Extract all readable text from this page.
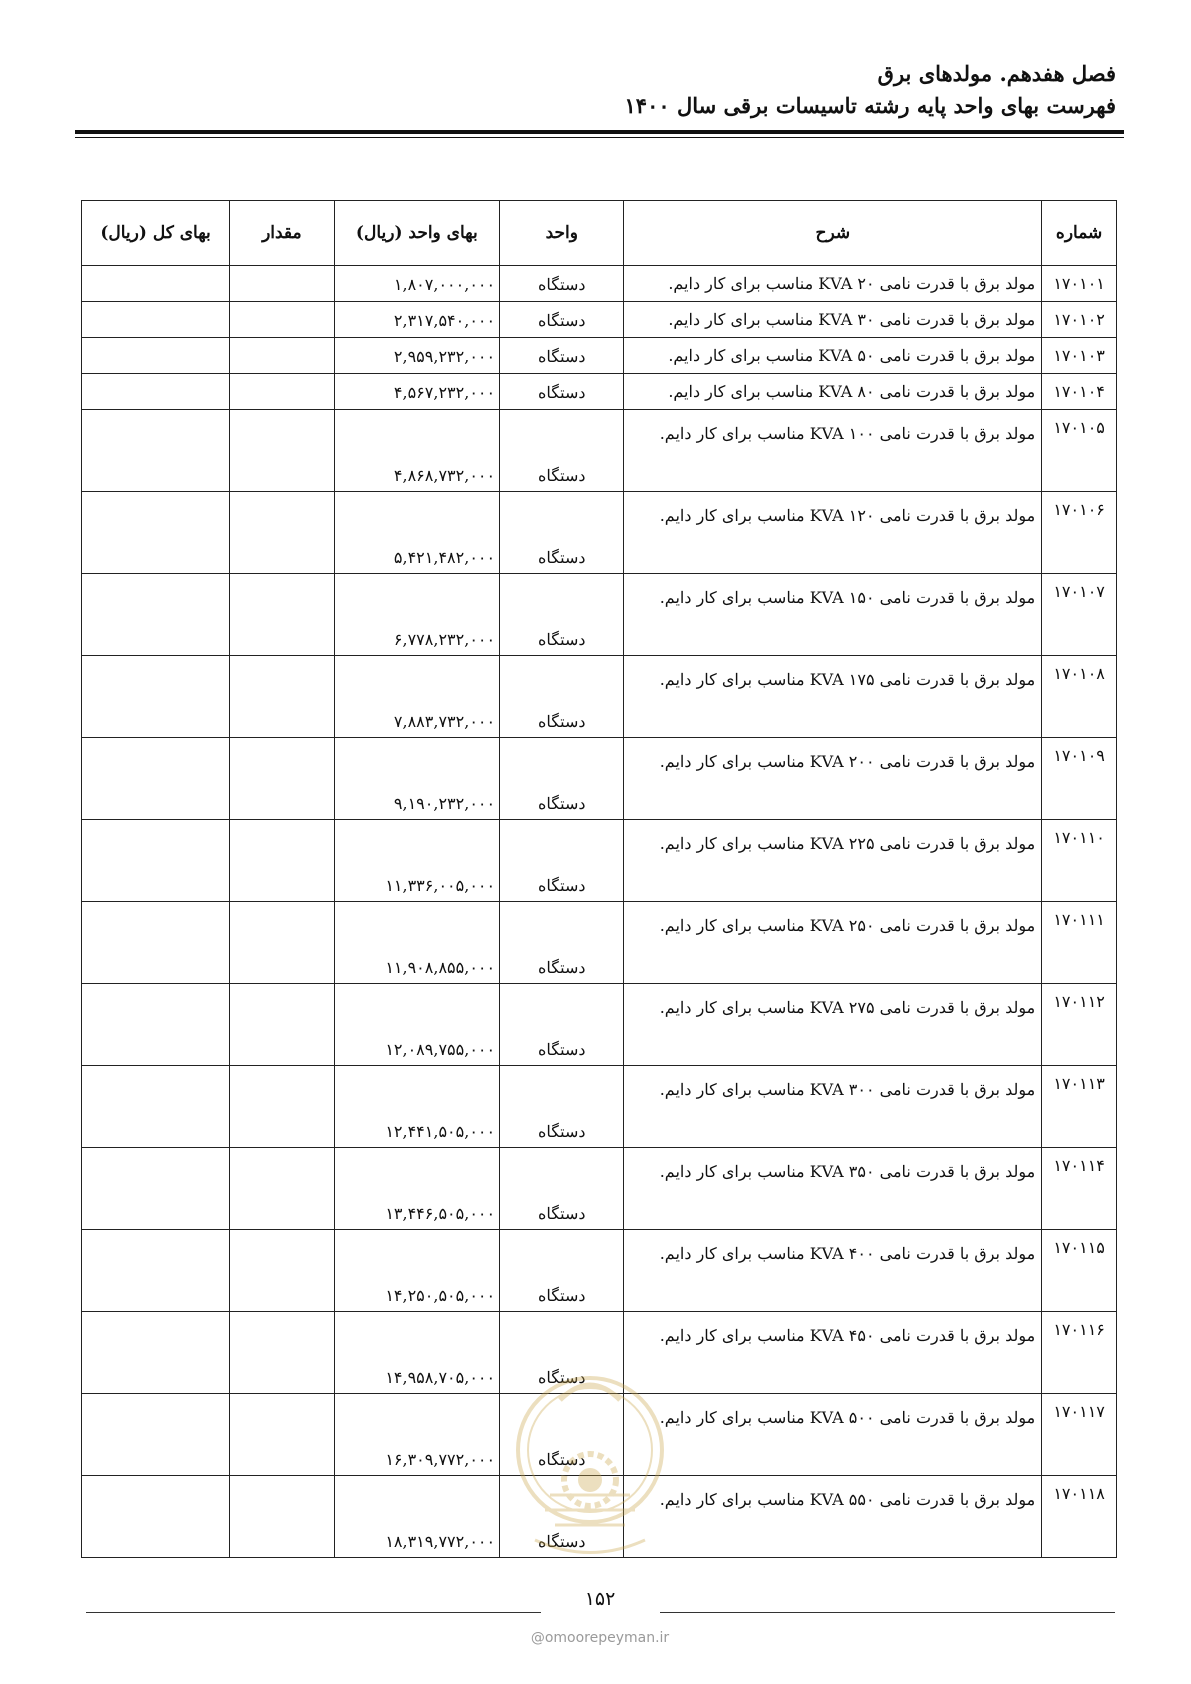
فصل هفدهم. مولدهای برق
فهرست بهای واحد پایه رشته تاسیسات برقی سال ۱۴۰۰
شماره	شرح	واحد	بهای واحد (ریال)	مقدار	بهای کل (ریال)
۱۷۰۱۰۱	مولد برق با قدرت نامی ۲۰ KVA مناسب برای کار دایم.	دستگاه	۱,۸۰۷,۰۰۰,۰۰۰		
۱۷۰۱۰۲	مولد برق با قدرت نامی ۳۰ KVA مناسب برای کار دایم.	دستگاه	۲,۳۱۷,۵۴۰,۰۰۰		
۱۷۰۱۰۳	مولد برق با قدرت نامی ۵۰ KVA مناسب برای کار دایم.	دستگاه	۲,۹۵۹,۲۳۲,۰۰۰		
۱۷۰۱۰۴	مولد برق با قدرت نامی ۸۰ KVA مناسب برای کار دایم.	دستگاه	۴,۵۶۷,۲۳۲,۰۰۰		
۱۷۰۱۰۵	مولد برق با قدرت نامی ۱۰۰ KVA مناسب برای کار دایم.	دستگاه	۴,۸۶۸,۷۳۲,۰۰۰		
۱۷۰۱۰۶	مولد برق با قدرت نامی ۱۲۰ KVA مناسب برای کار دایم.	دستگاه	۵,۴۲۱,۴۸۲,۰۰۰		
۱۷۰۱۰۷	مولد برق با قدرت نامی ۱۵۰ KVA مناسب برای کار دایم.	دستگاه	۶,۷۷۸,۲۳۲,۰۰۰		
۱۷۰۱۰۸	مولد برق با قدرت نامی ۱۷۵ KVA مناسب برای کار دایم.	دستگاه	۷,۸۸۳,۷۳۲,۰۰۰		
۱۷۰۱۰۹	مولد برق با قدرت نامی ۲۰۰ KVA مناسب برای کار دایم.	دستگاه	۹,۱۹۰,۲۳۲,۰۰۰		
۱۷۰۱۱۰	مولد برق با قدرت نامی ۲۲۵ KVA مناسب برای کار دایم.	دستگاه	۱۱,۳۳۶,۰۰۵,۰۰۰		
۱۷۰۱۱۱	مولد برق با قدرت نامی ۲۵۰ KVA مناسب برای کار دایم.	دستگاه	۱۱,۹۰۸,۸۵۵,۰۰۰		
۱۷۰۱۱۲	مولد برق با قدرت نامی ۲۷۵ KVA مناسب برای کار دایم.	دستگاه	۱۲,۰۸۹,۷۵۵,۰۰۰		
۱۷۰۱۱۳	مولد برق با قدرت نامی ۳۰۰ KVA مناسب برای کار دایم.	دستگاه	۱۲,۴۴۱,۵۰۵,۰۰۰		
۱۷۰۱۱۴	مولد برق با قدرت نامی ۳۵۰ KVA مناسب برای کار دایم.	دستگاه	۱۳,۴۴۶,۵۰۵,۰۰۰		
۱۷۰۱۱۵	مولد برق با قدرت نامی ۴۰۰ KVA مناسب برای کار دایم.	دستگاه	۱۴,۲۵۰,۵۰۵,۰۰۰		
۱۷۰۱۱۶	مولد برق با قدرت نامی ۴۵۰ KVA مناسب برای کار دایم.	دستگاه	۱۴,۹۵۸,۷۰۵,۰۰۰		
۱۷۰۱۱۷	مولد برق با قدرت نامی ۵۰۰ KVA مناسب برای کار دایم.	دستگاه	۱۶,۳۰۹,۷۷۲,۰۰۰		
۱۷۰۱۱۸	مولد برق با قدرت نامی ۵۵۰ KVA مناسب برای کار دایم.	دستگاه	۱۸,۳۱۹,۷۷۲,۰۰۰		
۱۵۲
@omoorepeyman.ir
